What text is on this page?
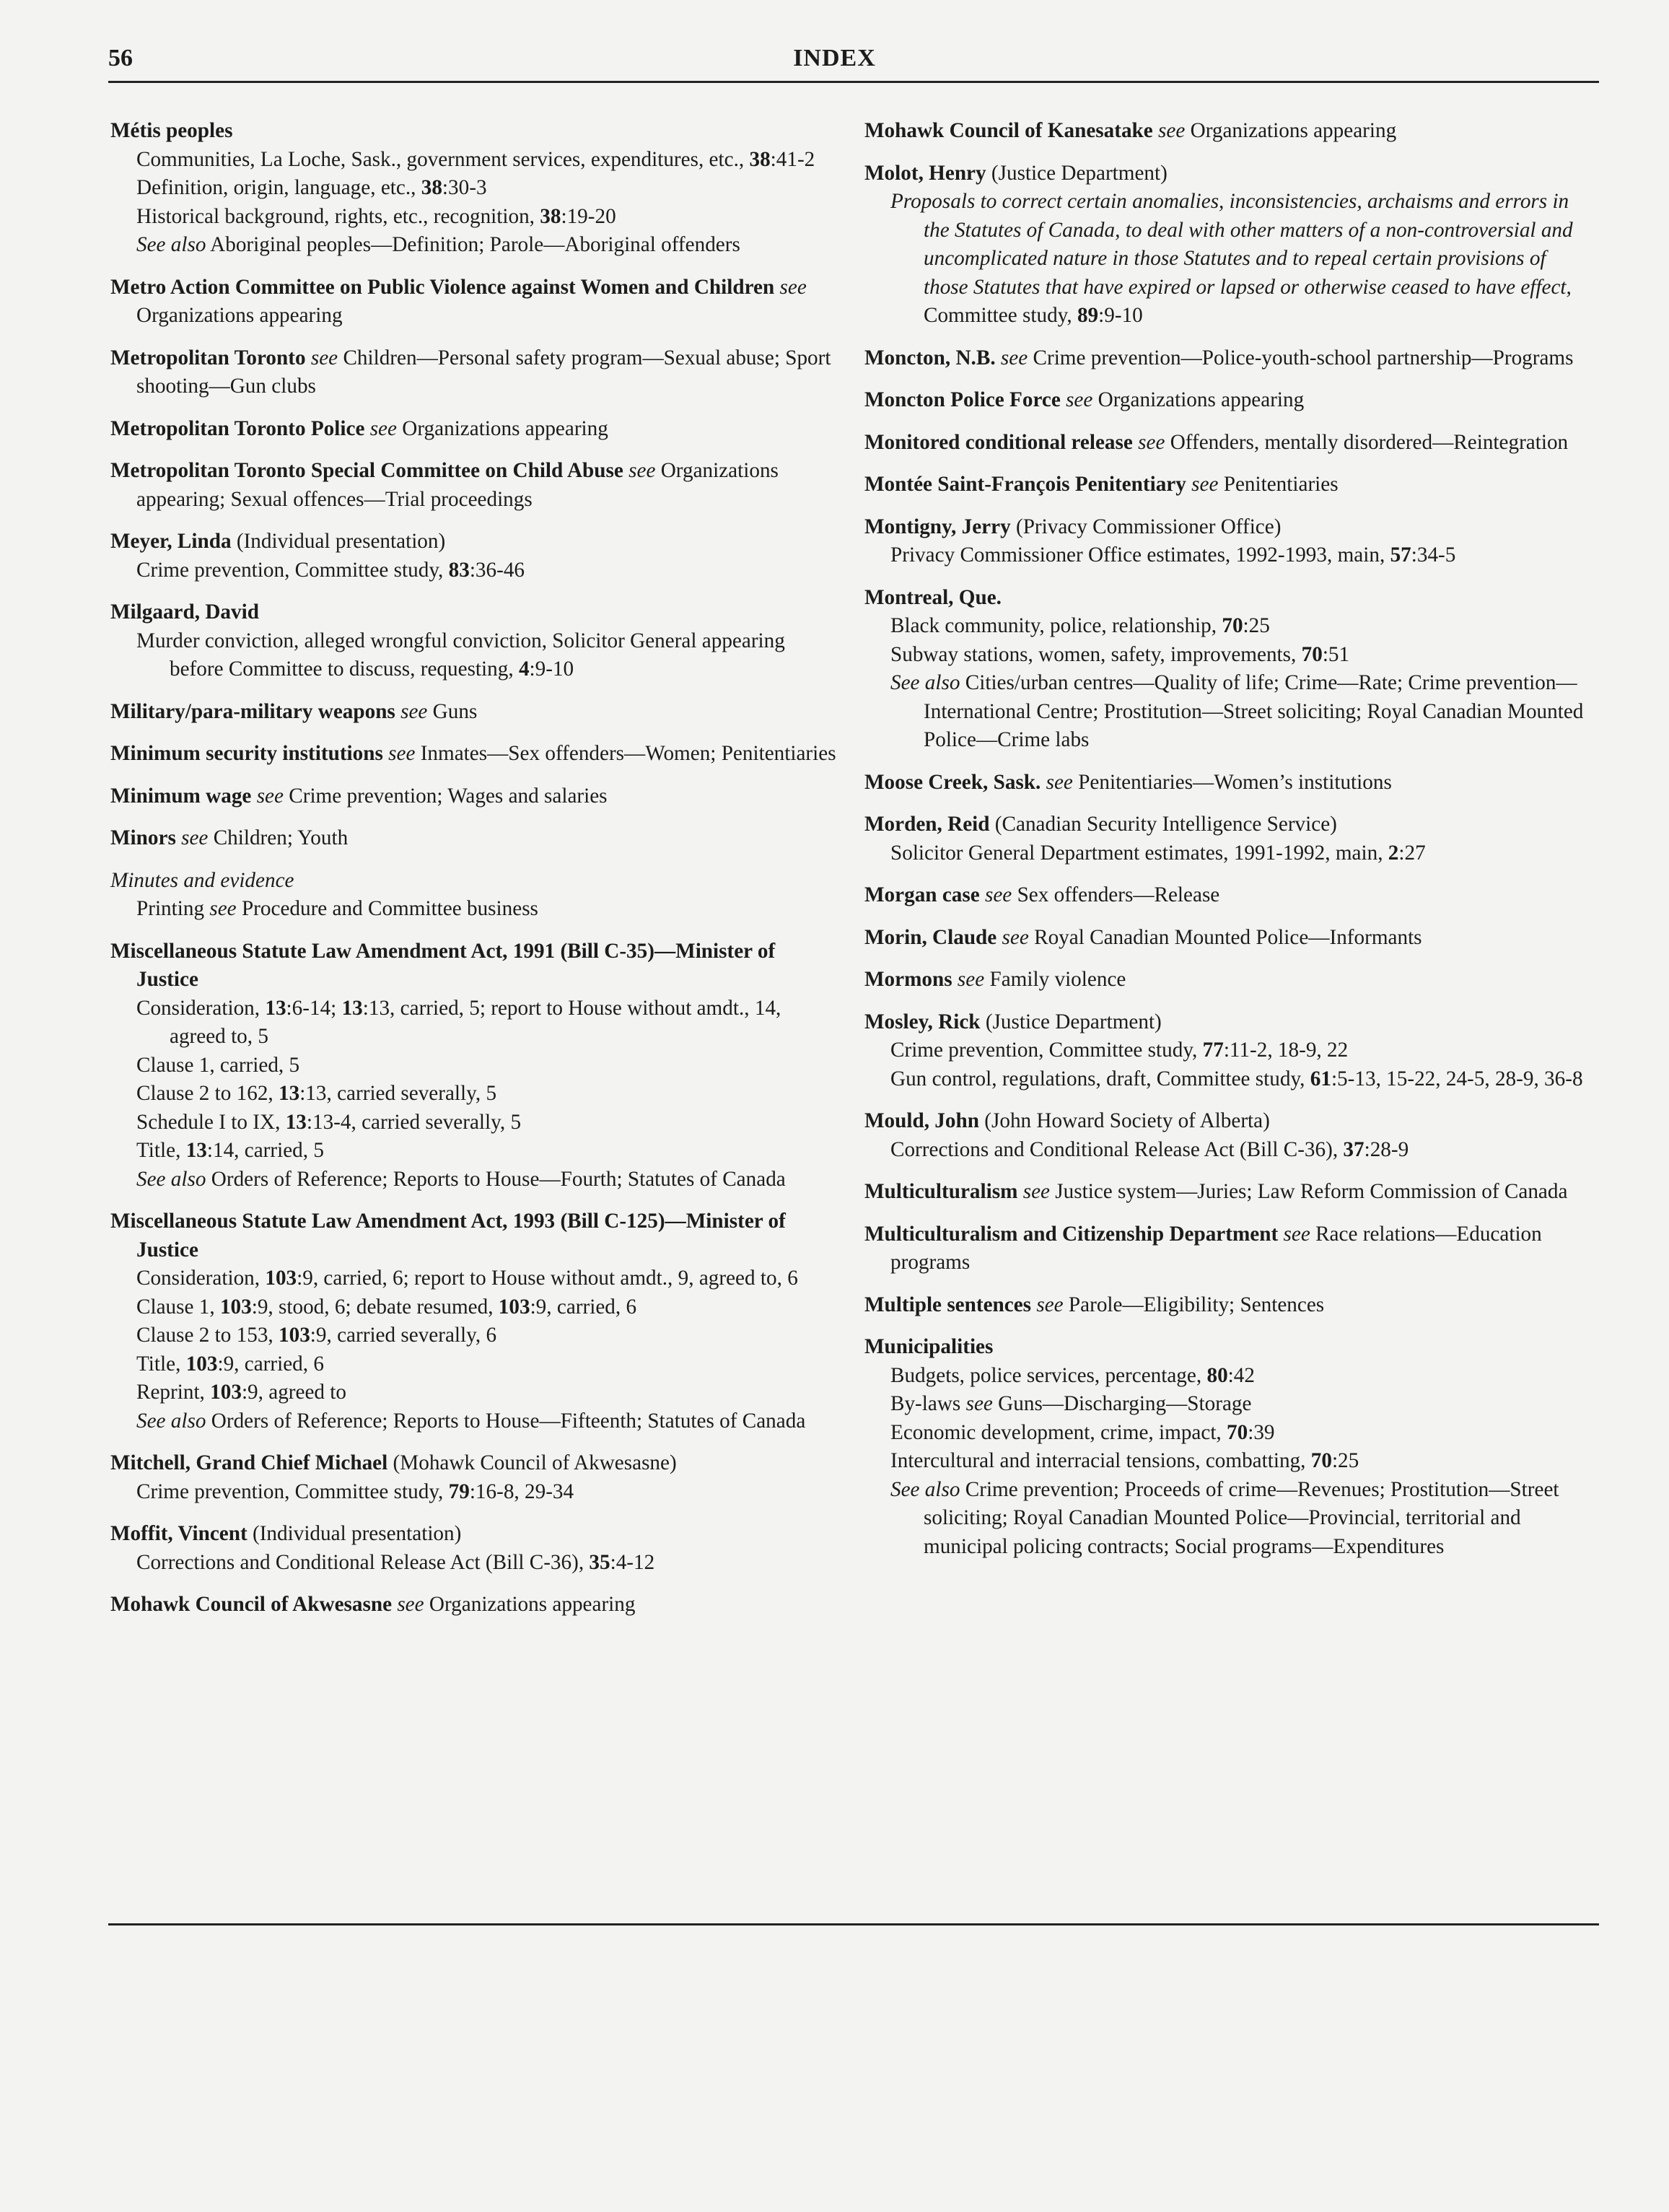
56	INDEX
Métis peoples
Communities, La Loche, Sask., government services, expenditures, etc., 38:41-2
Definition, origin, language, etc., 38:30-3
Historical background, rights, etc., recognition, 38:19-20
See also Aboriginal peoples—Definition; Parole—Aboriginal offenders
Metro Action Committee on Public Violence against Women and Children see Organizations appearing
Metropolitan Toronto see Children—Personal safety program—Sexual abuse; Sport shooting—Gun clubs
Metropolitan Toronto Police see Organizations appearing
Metropolitan Toronto Special Committee on Child Abuse see Organizations appearing; Sexual offences—Trial proceedings
Meyer, Linda (Individual presentation)
Crime prevention, Committee study, 83:36-46
Milgaard, David
Murder conviction, alleged wrongful conviction, Solicitor General appearing before Committee to discuss, requesting, 4:9-10
Military/para-military weapons see Guns
Minimum security institutions see Inmates—Sex offenders—Women; Penitentiaries
Minimum wage see Crime prevention; Wages and salaries
Minors see Children; Youth
Minutes and evidence
Printing see Procedure and Committee business
Miscellaneous Statute Law Amendment Act, 1991 (Bill C-35)—Minister of Justice
Consideration, 13:6-14; 13:13, carried, 5; report to House without amdt., 14, agreed to, 5
Clause 1, carried, 5
Clause 2 to 162, 13:13, carried severally, 5
Schedule I to IX, 13:13-4, carried severally, 5
Title, 13:14, carried, 5
See also Orders of Reference; Reports to House—Fourth; Statutes of Canada
Miscellaneous Statute Law Amendment Act, 1993 (Bill C-125)—Minister of Justice
Consideration, 103:9, carried, 6; report to House without amdt., 9, agreed to, 6
Clause 1, 103:9, stood, 6; debate resumed, 103:9, carried, 6
Clause 2 to 153, 103:9, carried severally, 6
Title, 103:9, carried, 6
Reprint, 103:9, agreed to
See also Orders of Reference; Reports to House—Fifteenth; Statutes of Canada
Mitchell, Grand Chief Michael (Mohawk Council of Akwesasne)
Crime prevention, Committee study, 79:16-8, 29-34
Moffit, Vincent (Individual presentation)
Corrections and Conditional Release Act (Bill C-36), 35:4-12
Mohawk Council of Akwesasne see Organizations appearing
Mohawk Council of Kanesatake see Organizations appearing
Molot, Henry (Justice Department)
Proposals to correct certain anomalies, inconsistencies, archaisms and errors in the Statutes of Canada, to deal with other matters of a non-controversial and uncomplicated nature in those Statutes and to repeal certain provisions of those Statutes that have expired or lapsed or otherwise ceased to have effect, Committee study, 89:9-10
Moncton, N.B. see Crime prevention—Police-youth-school partnership—Programs
Moncton Police Force see Organizations appearing
Monitored conditional release see Offenders, mentally disordered—Reintegration
Montée Saint-François Penitentiary see Penitentiaries
Montigny, Jerry (Privacy Commissioner Office)
Privacy Commissioner Office estimates, 1992-1993, main, 57:34-5
Montreal, Que.
Black community, police, relationship, 70:25
Subway stations, women, safety, improvements, 70:51
See also Cities/urban centres—Quality of life; Crime—Rate; Crime prevention—International Centre; Prostitution—Street soliciting; Royal Canadian Mounted Police—Crime labs
Moose Creek, Sask. see Penitentiaries—Women’s institutions
Morden, Reid (Canadian Security Intelligence Service)
Solicitor General Department estimates, 1991-1992, main, 2:27
Morgan case see Sex offenders—Release
Morin, Claude see Royal Canadian Mounted Police—Informants
Mormons see Family violence
Mosley, Rick (Justice Department)
Crime prevention, Committee study, 77:11-2, 18-9, 22
Gun control, regulations, draft, Committee study, 61:5-13, 15-22, 24-5, 28-9, 36-8
Mould, John (John Howard Society of Alberta)
Corrections and Conditional Release Act (Bill C-36), 37:28-9
Multiculturalism see Justice system—Juries; Law Reform Commission of Canada
Multiculturalism and Citizenship Department see Race relations—Education programs
Multiple sentences see Parole—Eligibility; Sentences
Municipalities
Budgets, police services, percentage, 80:42
By-laws see Guns—Discharging—Storage
Economic development, crime, impact, 70:39
Intercultural and interracial tensions, combatting, 70:25
See also Crime prevention; Proceeds of crime—Revenues; Prostitution—Street soliciting; Royal Canadian Mounted Police—Provincial, territorial and municipal policing contracts; Social programs—Expenditures
